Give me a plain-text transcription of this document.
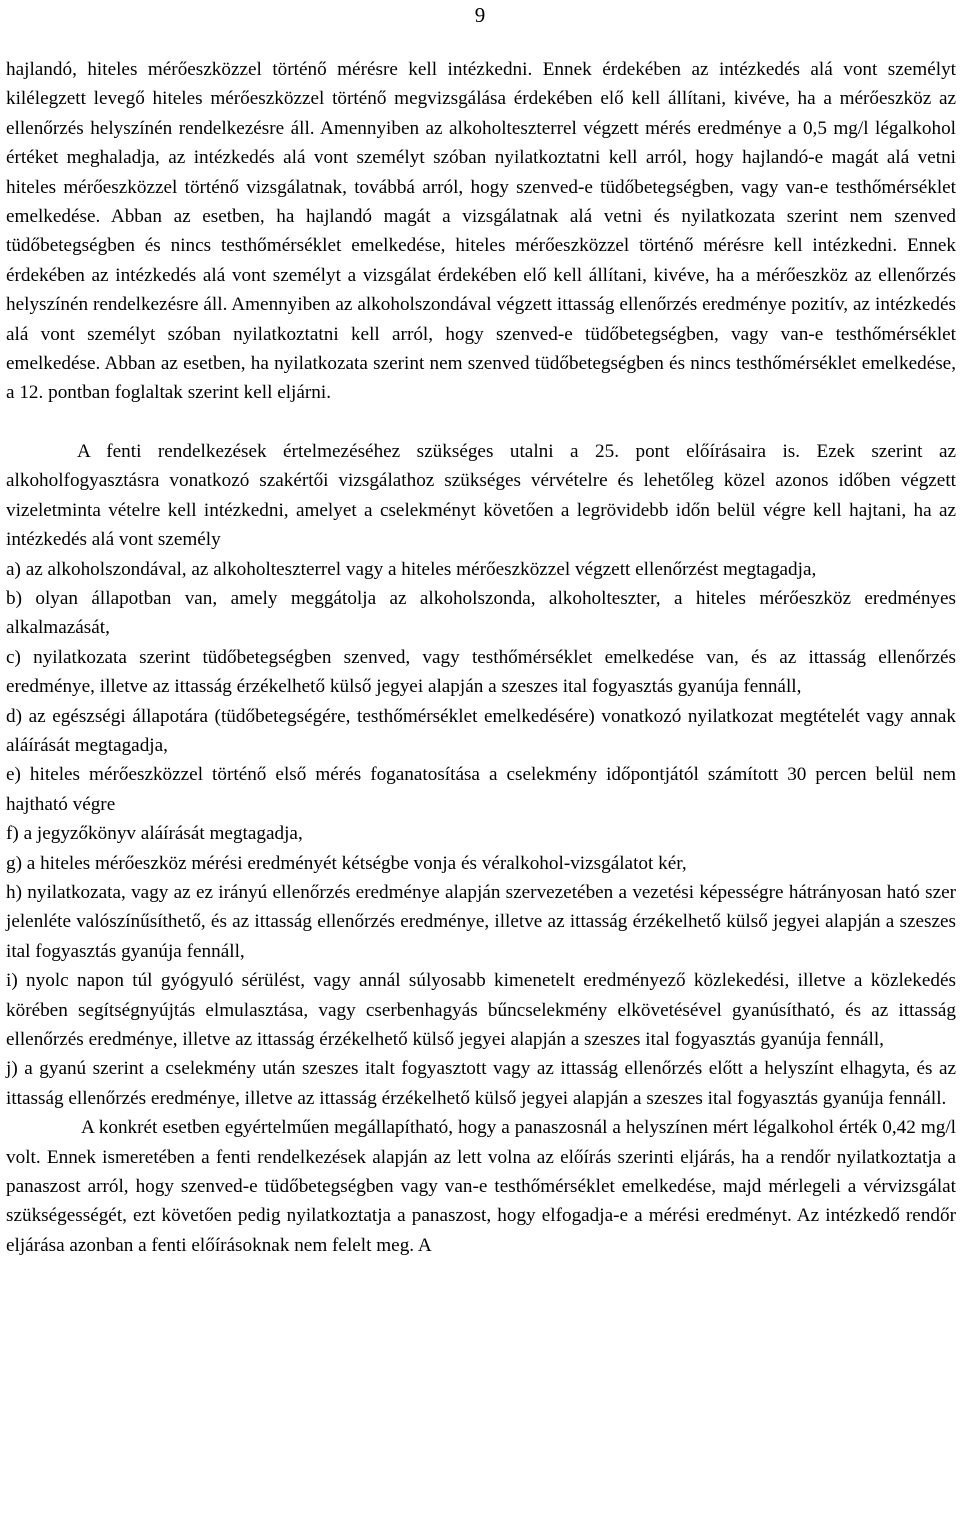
9

hajlandó, hiteles mérőeszközzel történő mérésre kell intézkedni. Ennek érdekében az intézkedés alá vont személyt kilélegzett levegő hiteles mérőeszközzel történő megvizsgálása érdekében elő kell állítani, kivéve, ha a mérőeszköz az ellenőrzés helyszínén rendelkezésre áll. Amennyiben az alkoholteszterrel végzett mérés eredménye a 0,5 mg/l légalkohol értéket meghaladja, az intézkedés alá vont személyt szóban nyilatkoztatni kell arról, hogy hajlandó-e magát alá vetni hiteles mérőeszközzel történő vizsgálatnak, továbbá arról, hogy szenved-e tüdőbetegségben, vagy van-e testhőmérséklet emelkedése. Abban az esetben, ha hajlandó magát a vizsgálatnak alá vetni és nyilatkozata szerint nem szenved tüdőbetegségben és nincs testhőmérséklet emelkedése, hiteles mérőeszközzel történő mérésre kell intézkedni. Ennek érdekében az intézkedés alá vont személyt a vizsgálat érdekében elő kell állítani, kivéve, ha a mérőeszköz az ellenőrzés helyszínén rendelkezésre áll. Amennyiben az alkoholszondával végzett ittasság ellenőrzés eredménye pozitív, az intézkedés alá vont személyt szóban nyilatkoztatni kell arról, hogy szenved-e tüdőbetegségben, vagy van-e testhőmérséklet emelkedése. Abban az esetben, ha nyilatkozata szerint nem szenved tüdőbetegségben és nincs testhőmérséklet emelkedése, a 12. pontban foglaltak szerint kell eljárni.

A fenti rendelkezések értelmezéséhez szükséges utalni a 25. pont előírásaira is. Ezek szerint az alkoholfogyasztásra vonatkozó szakértői vizsgálathoz szükséges vérvételre és lehetőleg közel azonos időben végzett vizeletminta vételre kell intézkedni, amelyet a cselekményt követően a legrövidebb időn belül végre kell hajtani, ha az intézkedés alá vont személy

a) az alkoholszondával, az alkoholteszterrel vagy a hiteles mérőeszközzel végzett ellenőrzést megtagadja,

b) olyan állapotban van, amely meggátolja az alkoholszonda, alkoholteszter, a hiteles mérőeszköz eredményes alkalmazását,

c) nyilatkozata szerint tüdőbetegségben szenved, vagy testhőmérséklet emelkedése van, és az ittasság ellenőrzés eredménye, illetve az ittasság érzékelhető külső jegyei alapján a szeszes ital fogyasztás gyanúja fennáll,

d) az egészségi állapotára (tüdőbetegségére, testhőmérséklet emelkedésére) vonatkozó nyilatkozat megtételét vagy annak aláírását megtagadja,

e) hiteles mérőeszközzel történő első mérés foganatosítása a cselekmény időpontjától számított 30 percen belül nem hajtható végre

f) a jegyzőkönyv aláírását megtagadja,

g) a hiteles mérőeszköz mérési eredményét kétségbe vonja és véralkohol-vizsgálatot kér,

h) nyilatkozata, vagy az ez irányú ellenőrzés eredménye alapján szervezetében a vezetési képességre hátrányosan ható szer jelenléte valószínűsíthető, és az ittasság ellenőrzés eredménye, illetve az ittasság érzékelhető külső jegyei alapján a szeszes ital fogyasztás gyanúja fennáll,

i) nyolc napon túl gyógyuló sérülést, vagy annál súlyosabb kimenetelt eredményező közlekedési, illetve a közlekedés körében segítségnyújtás elmulasztása, vagy cserbenhagyás bűncselekmény elkövetésével gyanúsítható, és az ittasság ellenőrzés eredménye, illetve az ittasság érzékelhető külső jegyei alapján a szeszes ital fogyasztás gyanúja fennáll,

j) a gyanú szerint a cselekmény után szeszes italt fogyasztott vagy az ittasság ellenőrzés előtt a helyszínt elhagyta, és az ittasság ellenőrzés eredménye, illetve az ittasság érzékelhető külső jegyei alapján a szeszes ital fogyasztás gyanúja fennáll.

A konkrét esetben egyértelműen megállapítható, hogy a panaszosnál a helyszínen mért légalkohol érték 0,42 mg/l volt. Ennek ismeretében a fenti rendelkezések alapján az lett volna az előírás szerinti eljárás, ha a rendőr nyilatkoztatja a panaszost arról, hogy szenved-e tüdőbetegségben vagy van-e testhőmérséklet emelkedése, majd mérlegeli a vérvizsgálat szükségességét, ezt követően pedig nyilatkoztatja a panaszost, hogy elfogadja-e a mérési eredményt. Az intézkedő rendőr eljárása azonban a fenti előírásoknak nem felelt meg. A
